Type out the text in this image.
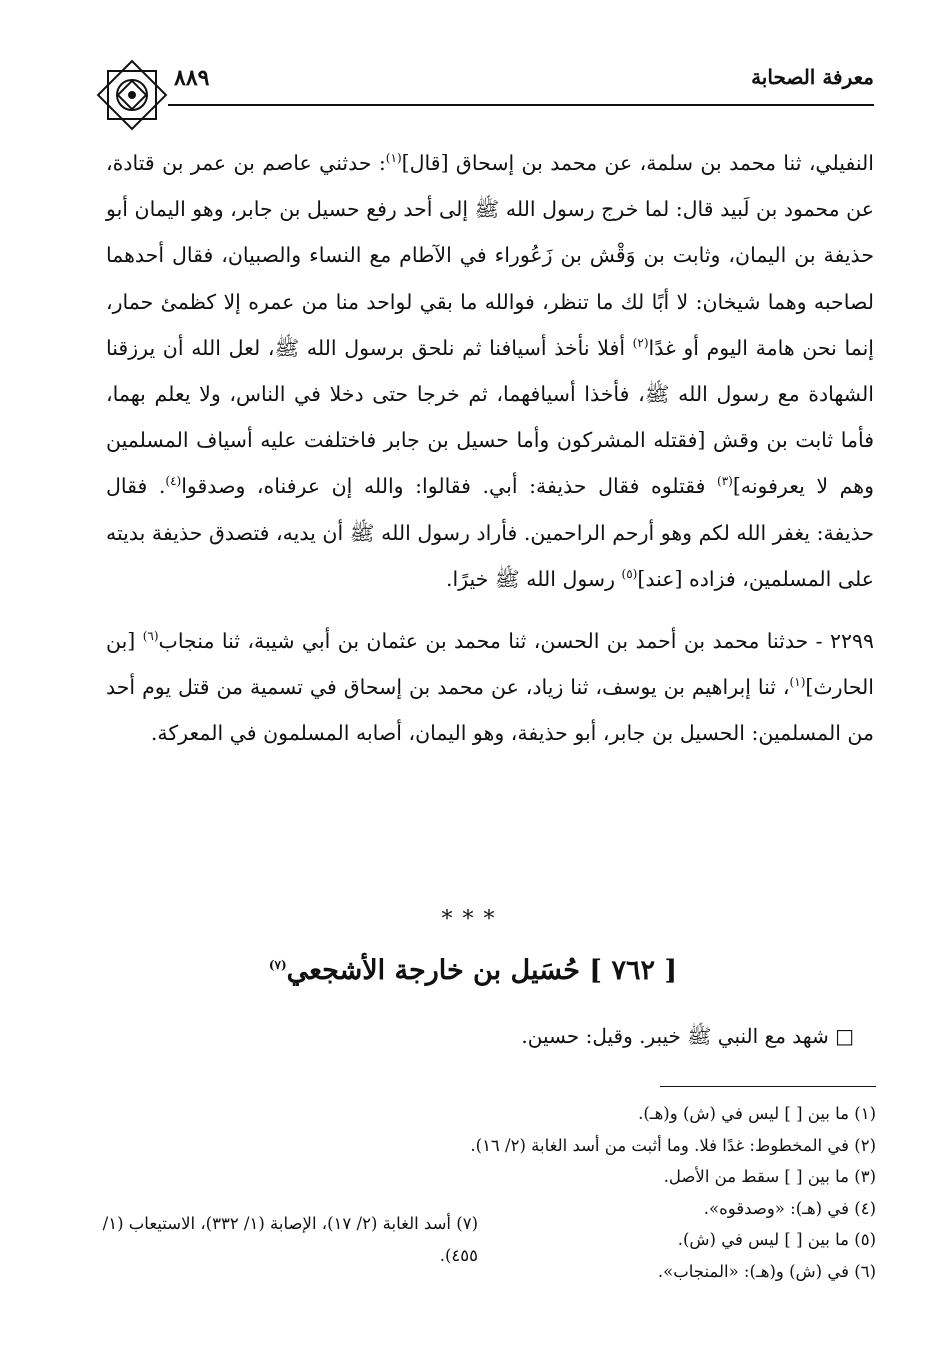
معرفة الصحابة
٨٨٩

النفيلي، ثنا محمد بن سلمة، عن محمد بن إسحاق [قال]$^{(١)}$: حدثني عاصم بن عمر بن قتادة، عن محمود بن لَبيد قال: لما خرج رسول الله ﷺ إلى أحد رفع حسيل بن جابر، وهو اليمان أبو حذيفة بن اليمان، وثابت بن وَقْش بن زَعُوراء في الآطام مع النساء والصبيان، فقال أحدهما لصاحبه وهما شيخان: لا أبًا لك ما تنظر، فوالله ما بقي لواحد منا من عمره إلا كظمئ حمار، إنما نحن هامة اليوم أو غدًا$^{(٢)}$ أفلا نأخذ أسيافنا ثم نلحق برسول الله ﷺ، لعل الله أن يرزقنا الشهادة مع رسول الله ﷺ، فأخذا أسيافهما، ثم خرجا حتى دخلا في الناس، ولا يعلم بهما، فأما ثابت بن وقش [فقتله المشركون وأما حسيل بن جابر فاختلفت عليه أسياف المسلمين وهم لا يعرفونه]$^{(٣)}$ فقتلوه فقال حذيفة: أبي. فقالوا: والله إن عرفناه، وصدقوا$^{(٤)}$. فقال حذيفة: يغفر الله لكم وهو أرحم الراحمين. فأراد رسول الله ﷺ أن يديه، فتصدق حذيفة بديته على المسلمين، فزاده [عند]$^{(٥)}$ رسول الله ﷺ خيرًا.

٢٢٩٩ - حدثنا محمد بن أحمد بن الحسن، ثنا محمد بن عثمان بن أبي شيبة، ثنا منجاب$^{(٦)}$ [بن الحارث]$^{(١)}$، ثنا إبراهيم بن يوسف، ثنا زياد، عن محمد بن إسحاق في تسمية من قتل يوم أحد من المسلمين: الحسيل بن جابر، أبو حذيفة، وهو اليمان، أصابه المسلمون في المعركة.

***
[ ٧٦٢ ] حُسَيل بن خارجة الأشجعي$^{(٧)}$
□ شهد مع النبي ﷺ خيبر. وقيل: حسين.

(١) ما بين [ ] ليس في (ش) و(هـ).

(٢) في المخطوط: غدًا فلا. وما أثبت من أسد الغابة (٢/ ١٦).

(٣) ما بين [ ] سقط من الأصل.

(٤) في (هـ): «وصدقوه».

(٥) ما بين [ ] ليس في (ش).

(٦) في (ش) و(هـ): «المنجاب».

(٧) أسد الغابة (٢/ ١٧)، الإصابة (١/ ٣٣٢)، الاستيعاب (١/ ٤٥٥).
